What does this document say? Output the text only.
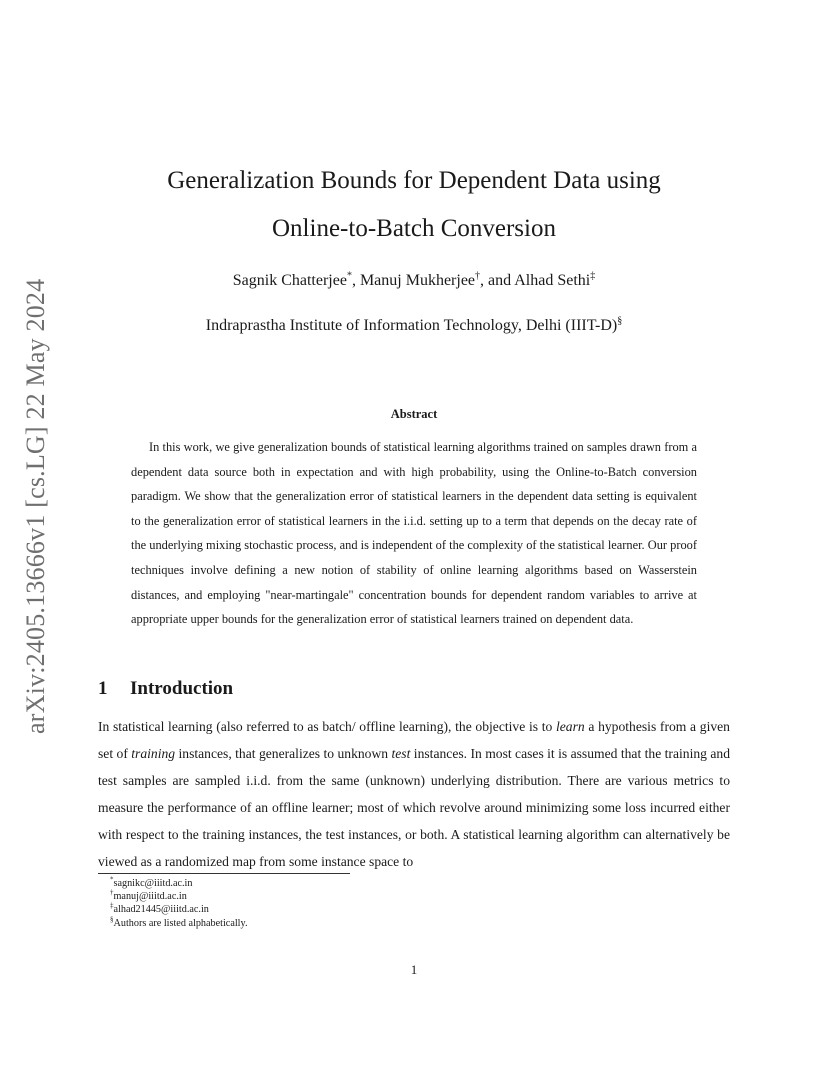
arXiv:2405.13666v1 [cs.LG] 22 May 2024
Generalization Bounds for Dependent Data using
Online-to-Batch Conversion
Sagnik Chatterjee*, Manuj Mukherjee†, and Alhad Sethi‡
Indraprastha Institute of Information Technology, Delhi (IIIT-D)§
Abstract

In this work, we give generalization bounds of statistical learning algorithms trained on samples drawn from a dependent data source both in expectation and with high probability, using the Online-to-Batch conversion paradigm. We show that the generalization error of statistical learners in the dependent data setting is equivalent to the generalization error of statistical learners in the i.i.d. setting up to a term that depends on the decay rate of the underlying mixing stochastic process, and is independent of the complexity of the statistical learner. Our proof techniques involve defining a new notion of stability of online learning algorithms based on Wasserstein distances, and employing "near-martingale" concentration bounds for dependent random variables to arrive at appropriate upper bounds for the generalization error of statistical learners trained on dependent data.

1 Introduction

In statistical learning (also referred to as batch/ offline learning), the objective is to learn a hypothesis from a given set of training instances, that generalizes to unknown test instances. In most cases it is assumed that the training and test samples are sampled i.i.d. from the same (unknown) underlying distribution. There are various metrics to measure the performance of an offline learner; most of which revolve around minimizing some loss incurred either with respect to the training instances, the test instances, or both. A statistical learning algorithm can alternatively be viewed as a randomized map from some instance space to

*sagnikc@iiitd.ac.in
†manuj@iiitd.ac.in
‡alhad21445@iiitd.ac.in
§Authors are listed alphabetically.
1
